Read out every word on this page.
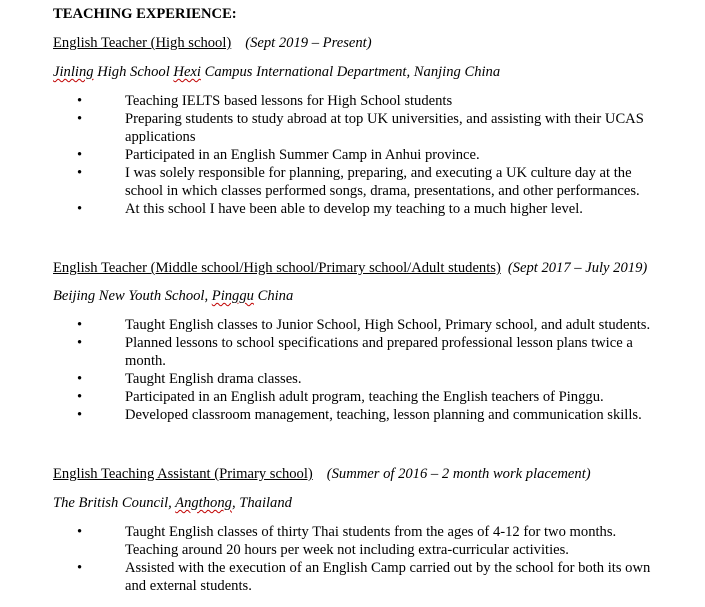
TEACHING EXPERIENCE:
English Teacher (High school) (Sept 2019 – Present)
Jinling High School Hexi Campus International Department, Nanjing China
•	Teaching IELTS based lessons for High School students
•	Preparing students to study abroad at top UK universities, and assisting with their UCAS applications
•	Participated in an English Summer Camp in Anhui province.
•	I was solely responsible for planning, preparing, and executing a UK culture day at the school in which classes performed songs, drama, presentations, and other performances.
•	At this school I have been able to develop my teaching to a much higher level.
English Teacher (Middle school/High school/Primary school/Adult students) (Sept 2017 – July 2019)
Beijing New Youth School, Pinggu China
•	Taught English classes to Junior School, High School, Primary school, and adult students.
•	Planned lessons to school specifications and prepared professional lesson plans twice a month.
•	Taught English drama classes.
•	Participated in an English adult program, teaching the English teachers of Pinggu.
•	Developed classroom management, teaching, lesson planning and communication skills.
English Teaching Assistant (Primary school) (Summer of 2016 – 2 month work placement)
The British Council, Angthong, Thailand
•	Taught English classes of thirty Thai students from the ages of 4-12 for two months. Teaching around 20 hours per week not including extra-curricular activities.
•	Assisted with the execution of an English Camp carried out by the school for both its own and external students.
